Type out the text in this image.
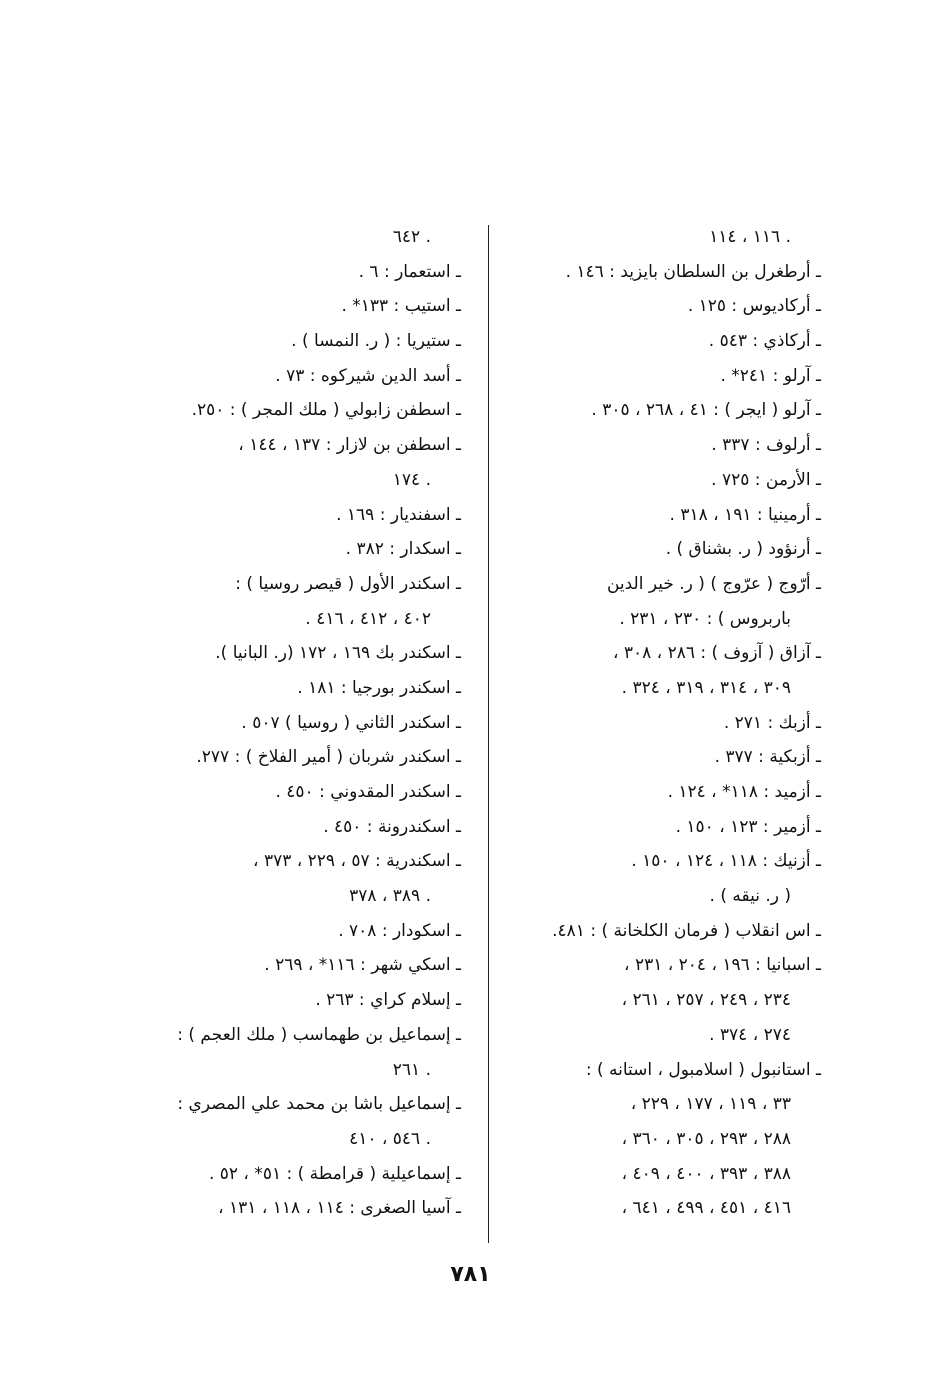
. ١١٦ ، ١١٤
ـ أرطغرل بن السلطان بايزيد : ١٤٦ .
ـ أركاديوس : ١٢٥ .
ـ أركاذي : ٥٤٣ .
ـ آرلو : ٢٤١* .
ـ آرلو ( ايجر ) : ٤١ ، ٢٦٨ ، ٣٠٥ .
ـ أرلوف : ٣٣٧ .
ـ الأرمن : ٧٢٥ .
ـ أرمينيا : ١٩١ ، ٣١٨ .
ـ أرنؤود ( ر. بشناق ) .
ـ أرّوج ( عرّوج ) ( ر. خير الدين
باربروس ) : ٢٣٠ ، ٢٣١ .
ـ آزاق ( آزوف ) : ٢٨٦ ، ٣٠٨ ،
٣٠٩ ، ٣١٤ ، ٣١٩ ، ٣٢٤ .
ـ أزبك : ٢٧١ .
ـ أزبكية : ٣٧٧ .
ـ أزميد : ١١٨* ، ١٢٤ .
ـ أزمير : ١٢٣ ، ١٥٠ .
ـ أزنيك : ١١٨ ، ١٢٤ ، ١٥٠ .
( ر. نيقه ) .
ـ اس انقلاب ( فرمان الكلخانة ) : ٤٨١.
ـ اسبانيا : ١٩٦ ، ٢٠٤ ، ٢٣١ ،
٢٣٤ ، ٢٤٩ ، ٢٥٧ ، ٢٦١ ،
٢٧٤ ، ٣٧٤ .
ـ استانبول ( اسلامبول ، استانه ) :
٣٣ ، ١١٩ ، ١٧٧ ، ٢٢٩ ،
٢٨٨ ، ٢٩٣ ، ٣٠٥ ، ٣٦٠ ،
٣٨٨ ، ٣٩٣ ، ٤٠٠ ، ٤٠٩ ،
٤١٦ ، ٤٥١ ، ٤٩٩ ، ٦٤١ ،
. ٦٤٢
ـ استعمار : ٦ .
ـ استيب : ١٣٣* .
ـ ستيريا : ( ر. النمسا ) .
ـ أسد الدين شيركوه : ٧٣ .
ـ اسطفن زابولي ( ملك المجر ) : ٢٥٠.
ـ اسطفن بن لازار : ١٣٧ ، ١٤٤ ،
. ١٧٤
ـ اسفنديار : ١٦٩ .
ـ اسكدار : ٣٨٢ .
ـ اسكندر الأول ( قيصر روسيا ) :
٤٠٢ ، ٤١٢ ، ٤١٦ .
ـ اسكندر بك ١٦٩ ، ١٧٢ (ر. البانيا ).
ـ اسكندر بورجيا : ١٨١ .
ـ اسكندر الثاني ( روسيا ) ٥٠٧ .
ـ اسكندر شربان ( أمير الفلاخ ) : ٢٧٧.
ـ اسكندر المقدوني : ٤٥٠ .
ـ اسكندرونة : ٤٥٠ .
ـ اسكندرية : ٥٧ ، ٢٢٩ ، ٣٧٣ ،
. ٣٨٩ ، ٣٧٨
ـ اسكودار : ٧٠٨ .
ـ اسكي شهر : ١١٦* ، ٢٦٩ .
ـ إسلام كراي : ٢٦٣ .
ـ إسماعيل بن طهماسب ( ملك العجم ) :
. ٢٦١
ـ إسماعيل باشا بن محمد علي المصري :
. ٥٤٦ ، ٤١٠
ـ إسماعيلية ( قرامطة ) : ٥١* ، ٥٢ .
ـ آسيا الصغرى : ١١٤ ، ١١٨ ، ١٣١ ،
٧٨١
